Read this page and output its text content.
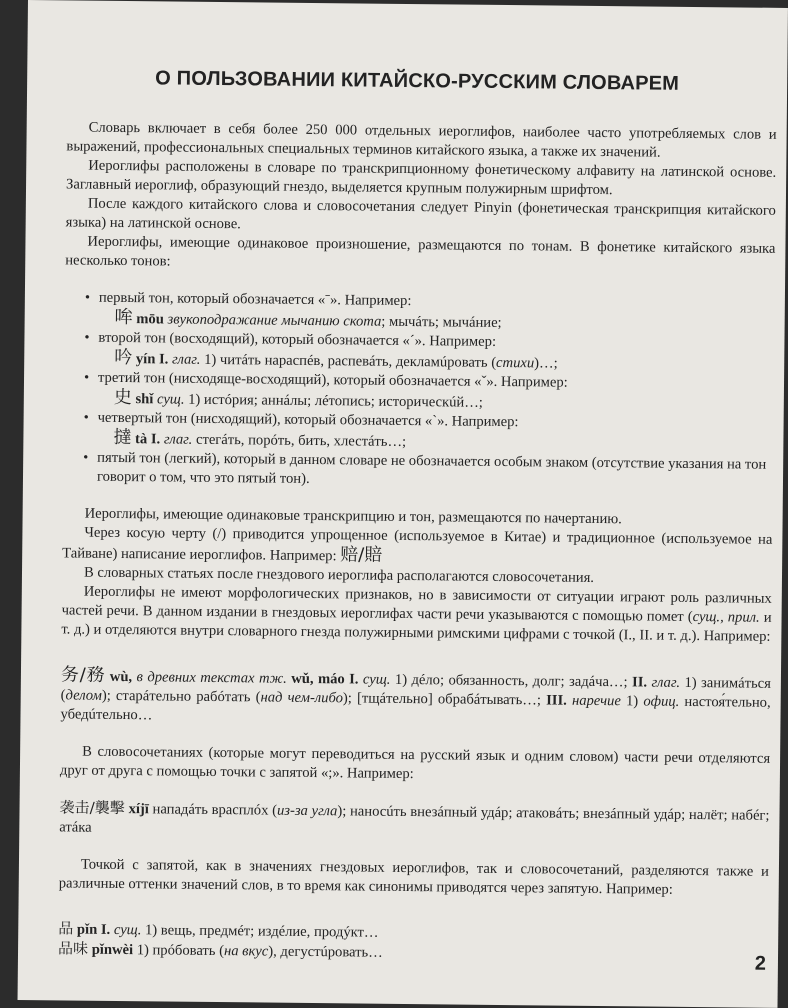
О ПОЛЬЗОВАНИИ КИТАЙСКО-РУССКИМ СЛОВАРЕМ

Словарь включает в себя более 250 000 отдельных иероглифов, наиболее часто употребляемых слов и выражений, профессиональных специальных терминов китайского языка, а также их значений.

Иероглифы расположены в словаре по транскрипционному фонетическому алфавиту на латинской основе. Заглавный иероглиф, образующий гнездо, выделяется крупным полужирным шрифтом.

После каждого китайского слова и словосочетания следует Pinyin (фонетическая транскрипция китайского языка) на латинской основе.

Иероглифы, имеющие одинаковое произношение, размещаются по тонам. В фонетике китайского языка несколько тонов:

• первый тон, который обозначается «ˉ». Например:
哞 mōu звукоподражание мычанию скота; мычáть; мычáние;
• второй тон (восходящий), который обозначается «ˊ». Например:
吟 yín I. глаг. 1) читáть нараспéв, распевáть, декламúровать (стихи)…;
• третий тон (нисходяще-восходящий), который обозначается «ˇ». Например:
史 shǐ сущ. 1) истóрия; аннáлы; лéтопись; историческúй…;
• четвертый тон (нисходящий), который обозначается «ˋ». Например:
撻 tà I. глаг. стегáть, порóть, бить, хлестáть…;
• пятый тон (легкий), который в данном словаре не обозначается особым знаком (отсутствие указания на тон говорит о том, что это пятый тон).

Иероглифы, имеющие одинаковые транскрипцию и тон, размещаются по начертанию.

Через косую черту (/) приводится упрощенное (используемое в Китае) и традиционное (используемое на Тайване) написание иероглифов. Например: 赔/賠

В словарных статьях после гнездового иероглифа располагаются словосочетания.

Иероглифы не имеют морфологических признаков, но в зависимости от ситуации играют роль различных частей речи. В данном издании в гнездовых иероглифах части речи указываются с помощью помет (сущ., прил. и т. д.) и отделяются внутри словарного гнезда полужирными римскими цифрами с точкой (I., II. и т. д.). Например:

务/務 wù, в древних текстах тж. wǔ, máo I. сущ. 1) дéло; обязанность, долг; задáча…; II. глаг. 1) занимáться (делом); старáтельно рабóтать (над чем-либо); [тщáтельно] обрабáтывать…; III. наречие 1) офиц. настоя́тельно, убедúтельно…

В словосочетаниях (которые могут переводиться на русский язык и одним словом) части речи отделяются друг от друга с помощью точки с запятой «;». Например:

袭击/襲擊 xíjī нападáть врасплóх (из-за угла); наносúть внезáпный удáр; атаковáть; внезáпный удáр; налёт; набéг; атáка

Точкой с запятой, как в значениях гнездовых иероглифов, так и словосочетаний, разделяются также и различные оттенки значений слов, в то время как синонимы приводятся через запятую. Например:

品 pǐn I. сущ. 1) вещь, предмéт; издéлие, продýкт…

品味 pǐnwèi 1) прóбовать (на вкус), дегустúровать…

2
